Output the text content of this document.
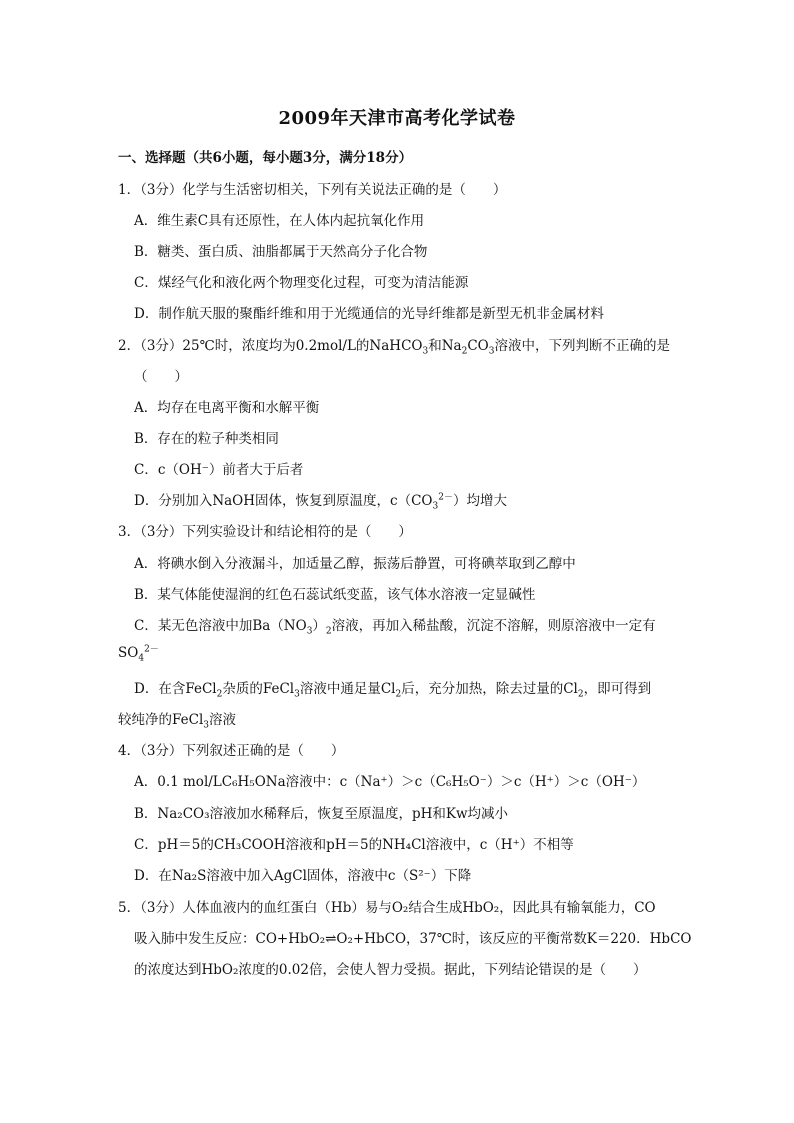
2009年天津市高考化学试卷
一、选择题（共6小题，每小题3分，满分18分）
1．（3分）化学与生活密切相关，下列有关说法正确的是（　　）
A．维生素C具有还原性，在人体内起抗氧化作用
B．糖类、蛋白质、油脂都属于天然高分子化合物
C．煤经气化和液化两个物理变化过程，可变为清洁能源
D．制作航天服的聚酯纤维和用于光缆通信的光导纤维都是新型无机非金属材料
2．（3分）25℃时，浓度均为0.2mol/L的NaHCO$_3$和$Na_2CO_3$溶液中，下列判断不正确的是
（　　）
A．均存在电离平衡和水解平衡
B．存在的粒子种类相同
C．c（OH⁻）前者大于后者
D．分别加入NaOH固体，恢复到原温度，$c(CO_3^{2-})$均增大
3．（3分）下列实验设计和结论相符的是（　　）
A．将碘水倒入分液漏斗，加适量乙醇，振荡后静置，可将碘萃取到乙醇中
B．某气体能使湿润的红色石蕊试纸变蓝，该气体水溶液一定显碱性
C．某无色溶液中加$Ba(NO_3)_2$溶液，再加入稀盐酸，沉淀不溶解，则原溶液中一定有
$SO_4^{2-}$
D．在含FeCl$_2$杂质的FeCl$_3$溶液中通足量$Cl_2$后，充分加热，除去过量的$Cl_2$，即可得到
较纯净的FeCl$_3$溶液
4．（3分）下列叙述正确的是（　　）
A．0.1 mol/LC₆H₅ONa溶液中：c（Na⁺）＞c（C₆H₅O⁻）＞c（H⁺）＞c（OH⁻）
B．Na₂CO₃溶液加水稀释后，恢复至原温度，pH和Kw均减小
C．pH＝5的CH₃COOH溶液和pH＝5的NH₄Cl溶液中，c（H⁺）不相等
D．在Na₂S溶液中加入AgCl固体，溶液中c（S²⁻）下降
5．（3分）人体血液内的血红蛋白（Hb）易与O₂结合生成HbO₂，因此具有输氧能力，CO
吸入肺中发生反应：CO+HbO₂⇌O₂+HbCO，37℃时，该反应的平衡常数K＝220．HbCO
的浓度达到HbO₂浓度的0.02倍，会使人智力受损。据此，下列结论错误的是（　　）
